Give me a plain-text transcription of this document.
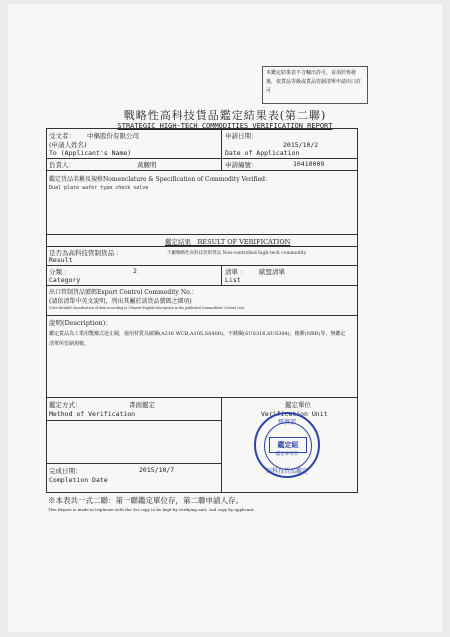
本鑑定結果表不含輸出許可，並須於核發後，依貨品等級或貨品管制清單申請出口許可
戰略性高科技貨品鑑定結果表(第二聯)
STRATEGIC HIGH-TECH COMMODITIES VERIFICATION REPORT
受文者： 中樞股份有限公司
(申請人姓名)
To (Applicant's Name)
申請日期：
2015/10/2
Date of Application
負責人：	黃駿明	申請編號：	10410009
鑑定貨品名稱及規格Nomenclature & Specification of Commodity Verified：
Dual plate wafer type check valve
鑑定結果　RESULT OF VERIFICATION
是否為高科技管制貨品 ：	不屬戰略性高科技管制貨品 Non-controlled high-tech commodity
Result
分類 ：	2
Category
清單 ： 歐盟清單
List
出口管制貨品號碼Export Control Commodity No.：
(請依清單中英文說明，列出其屬於該貨品號碼之細項)
(Give detailed classification of item according to Chinese-English description in the published Commodities Control List)
說明(Description)：
鑑定貨品為工業用雙瓣式逆止閥，使用材質為碳鋼(A216 WCB,A105,SS400)、不銹鋼(SUS316,SUS304)、橡膠(NBR)等，無鑑定清單所管制規範。
鑑定方式：	書面鑑定
Method of Verification
鑑定單位
Verification Unit
完成日期：	2015/10/7
Completion Date
經濟部
鑑定組
鑑定專用章
高科技貨品鑑定
※本表共一式二聯：第一聯鑑定單位存，第二聯申請人存。
This Report is made in triplicate with the 1st copy to be kept by verifying unit, 2nd copy by applicant.
